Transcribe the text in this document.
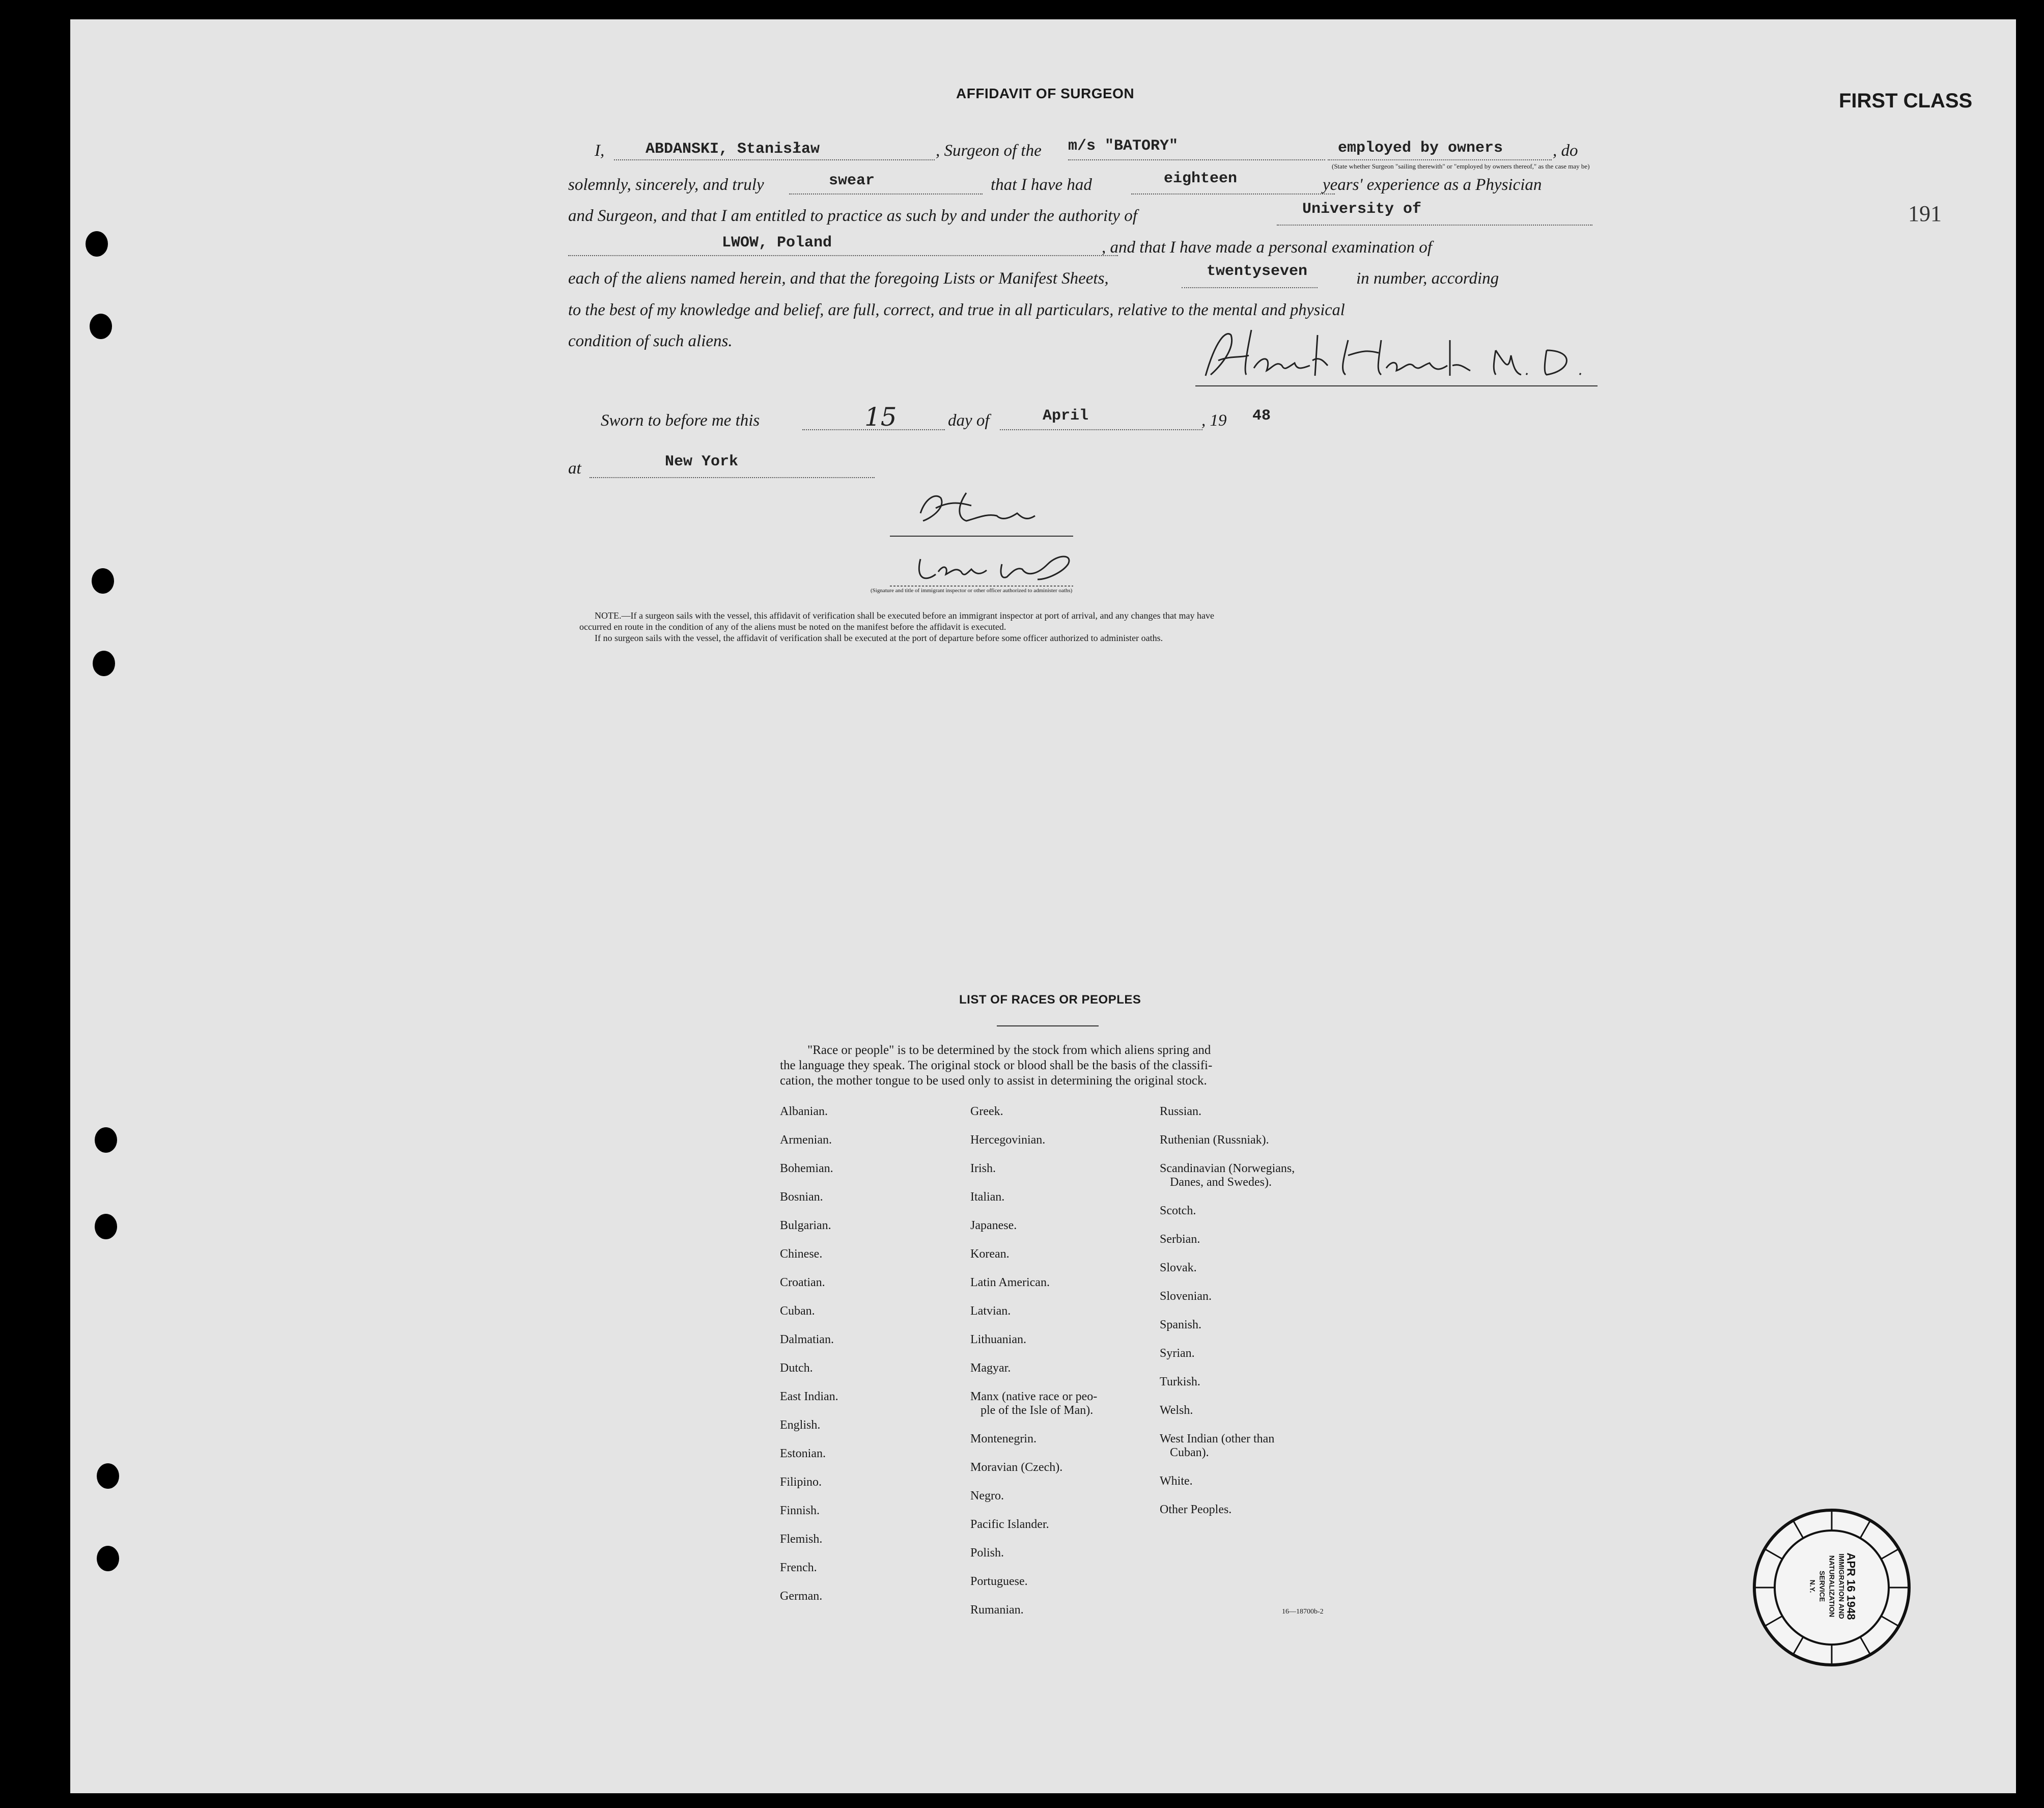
AFFIDAVIT OF SURGEON	FIRST CLASS
191
I,	ABDANSKI, Stanisław	, Surgeon of the m/s "BATORY"	employed by owners	, do
(State whether Surgeon "sailing therewith" or "employed by owners thereof," as the case may be)
solemnly, sincerely, and truly	swear	that I have had	eighteen	years' experience as a Physician
and Surgeon, and that I am entitled to practice as such by and under the authority of	University of
LWOW, Poland	, and that I have made a personal examination of
each of the aliens named herein, and that the foregoing Lists or Manifest Sheets,	twentyseven	in number, according
to the best of my knowledge and belief, are full, correct, and true in all particulars, relative to the mental and physical
condition of such aliens.
Sworn to before me this	15	day of	April	, 19 48
at	New York
(Signature and title of immigrant inspector or other officer authorized to administer oaths)
NOTE.—If a surgeon sails with the vessel, this affidavit of verification shall be executed before an immigrant inspector at port of arrival, and any changes that may have
occurred en route in the condition of any of the aliens must be noted on the manifest before the affidavit is executed.
If no surgeon sails with the vessel, the affidavit of verification shall be executed at the port of departure before some officer authorized to administer oaths.
LIST OF RACES OR PEOPLES
"Race or people" is to be determined by the stock from which aliens spring and
the language they speak. The original stock or blood shall be the basis of the classifi-
cation, the mother tongue to be used only to assist in determining the original stock.
Albanian.
Armenian.
Bohemian.
Bosnian.
Bulgarian.
Chinese.
Croatian.
Cuban.
Dalmatian.
Dutch.
East Indian.
English.
Estonian.
Filipino.
Finnish.
Flemish.
French.
German.
Greek.
Hercegovinian.
Irish.
Italian.
Japanese.
Korean.
Latin American.
Latvian.
Lithuanian.
Magyar.
Manx (native race or peo-
ple of the Isle of Man).
Montenegrin.
Moravian (Czech).
Negro.
Pacific Islander.
Polish.
Portuguese.
Rumanian.
Russian.
Ruthenian (Russniak).
Scandinavian (Norwegians,
Danes, and Swedes).
Scotch.
Serbian.
Slovak.
Slovenian.
Spanish.
Syrian.
Turkish.
Welsh.
West Indian (other than
Cuban).
White.
Other Peoples.
16—18700b-2	APR 16 1948
IMMIGRATION AND
NATURALIZATION
SERVICE
N.Y.
